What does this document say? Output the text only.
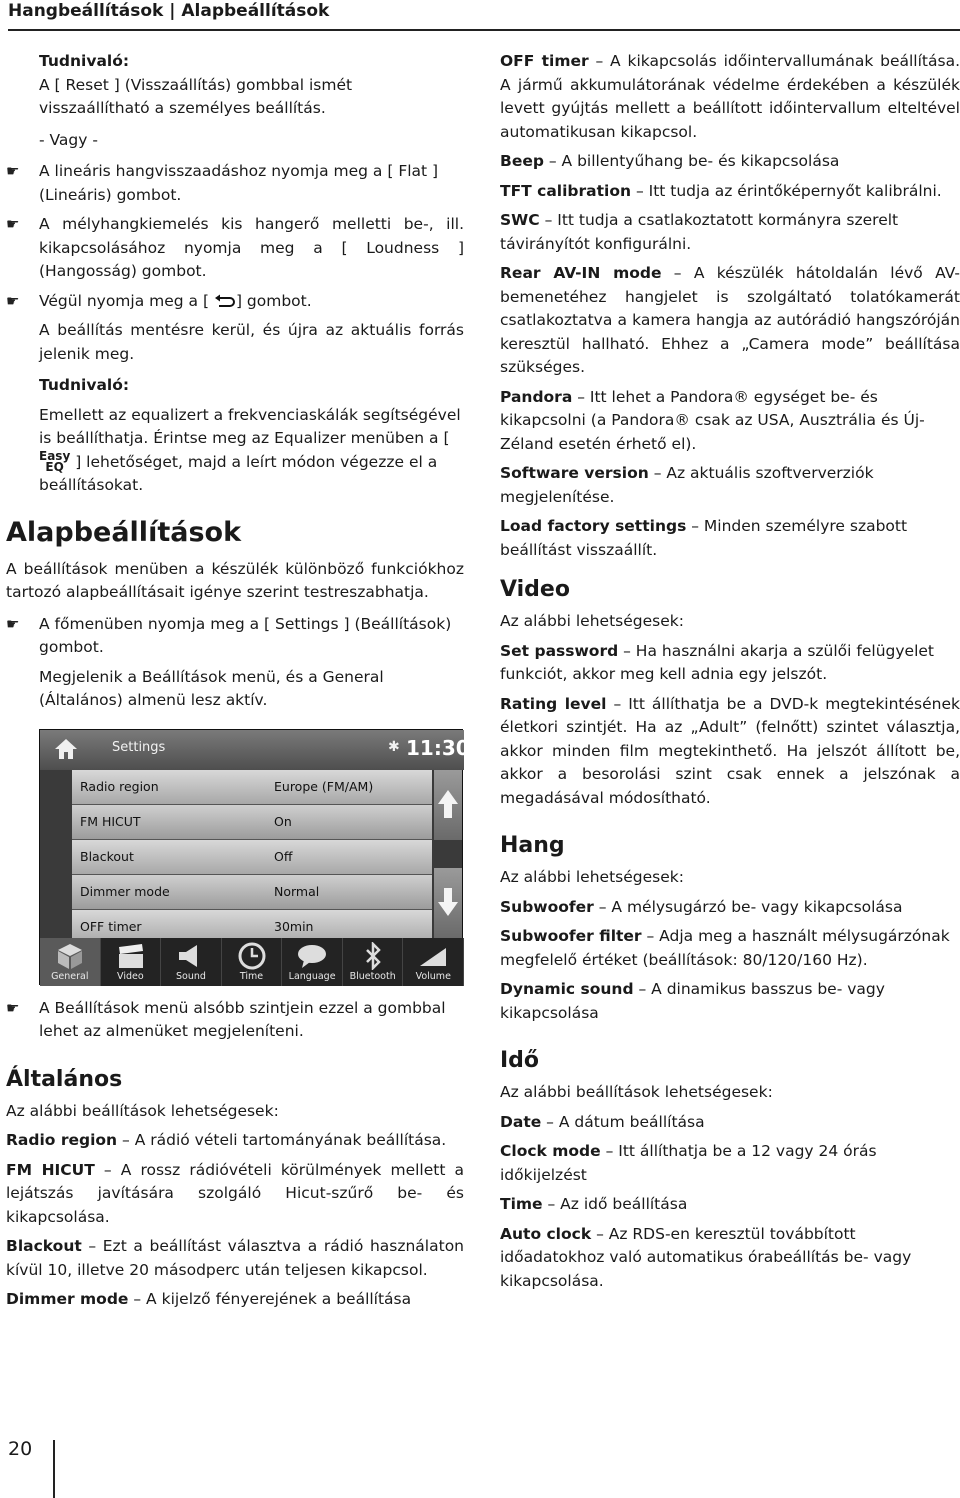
Hangbeállítások | Alapbeállítások

Tudnivaló:

A [ Reset ] (Visszaállítás) gombbal ismét visszaállítható a személyes beállítás.

- Vagy -

☛	A lineáris hangvisszaadáshoz nyomja meg a [ Flat ] (Lineáris) gombot.

☛	A mélyhangkiemelés kis hangerő melletti be-, ill. kikapcsolásához nyomja meg a [ Loudness ] (Hangosság) gombot.

☛	Végül nyomja meg a [ ] gombot.

A beállítás mentésre kerül, és újra az aktuális forrás jelenik meg.

Tudnivaló:

Emellett az equalizert a frekvenciaskálák segítségével is beállíthatja. Érintse meg az Equalizer menüben a [ Easy
EQ ] lehetőséget, majd a leírt módon végezze el a beállításokat.

Alapbeállítások

A beállítások menüben a készülék különböző funkciókhoz tartozó alapbeállításait igénye szerint testreszabhatja.

☛	A főmenüben nyomja meg a [ Settings ] (Beállítások) gombot.

Megjelenik a Beállítások menü, és a General (Általános) almenü lesz aktív.

Settings	✱ 11:30
Radio region	Europe (FM/AM)
FM HICUT	On
Blackout	Off
Dimmer mode	Normal
OFF timer	30min
General	Video	Sound	Time	Language	Bluetooth	Volume
☛	A Beállítások menü alsóbb szintjein ezzel a gombbal lehet az almenüket megjeleníteni.

Általános

Az alábbi beállítások lehetségesek:

Radio region – A rádió vételi tartományának beállítása.

FM HICUT – A rossz rádióvételi körülmények mellett a lejátszás javítására szolgáló Hicut-szűrő be- és kikapcsolása.

Blackout – Ezt a beállítást választva a rádió használaton kívül 10, illetve 20 másodperc után teljesen kikapcsol.

Dimmer mode – A kijelző fényerejének a beállítása

OFF timer – A kikapcsolás időintervallumának beállítása. A jármű akkumulátorának védelme érdekében a készülék levett gyújtás mellett a beállított időintervallum elteltével automatikusan kikapcsol.

Beep – A billentyűhang be- és kikapcsolása

TFT calibration – Itt tudja az érintőképernyőt kalibrálni.

SWC – Itt tudja a csatlakoztatott kormányra szerelt távirányítót konfigurálni.

Rear AV-IN mode – A készülék hátoldalán lévő AV-bemenetéhez hangjelet is szolgáltató tolatókamerát csatlakoztatva a kamera hangja az autórádió hangszóróján keresztül hallható. Ehhez a „Camera mode” beállítása szükséges.

Pandora – Itt lehet a Pandora® egységet be- és kikapcsolni (a Pandora® csak az USA, Ausztrália és Új-Zéland esetén érhető el).

Software version – Az aktuális szoftververziók megjelenítése.

Load factory settings – Minden személyre szabott beállítást visszaállít.

Video

Az alábbi lehetségesek:

Set password – Ha használni akarja a szülői felügyelet funkciót, akkor meg kell adnia egy jelszót.

Rating level – Itt állíthatja be a DVD-k megtekintésének életkori szintjét. Ha az „Adult” (felnőtt) szintet választja, akkor minden film megtekinthető. Ha jelszót állított be, akkor a besorolási szint csak ennek a jelszónak a megadásával módosítható.

Hang

Az alábbi lehetségesek:

Subwoofer – A mélysugárzó be- vagy kikapcsolása

Subwoofer filter – Adja meg a használt mélysugárzónak megfelelő értéket (beállítások: 80/120/160 Hz).

Dynamic sound – A dinamikus basszus be- vagy kikapcsolása

Idő

Az alábbi beállítások lehetségesek:

Date – A dátum beállítása

Clock mode – Itt állíthatja be a 12 vagy 24 órás időkijelzést

Time – Az idő beállítása

Auto clock – Az RDS-en keresztül továbbított időadatokhoz való automatikus órabeállítás be- vagy kikapcsolása.

20
